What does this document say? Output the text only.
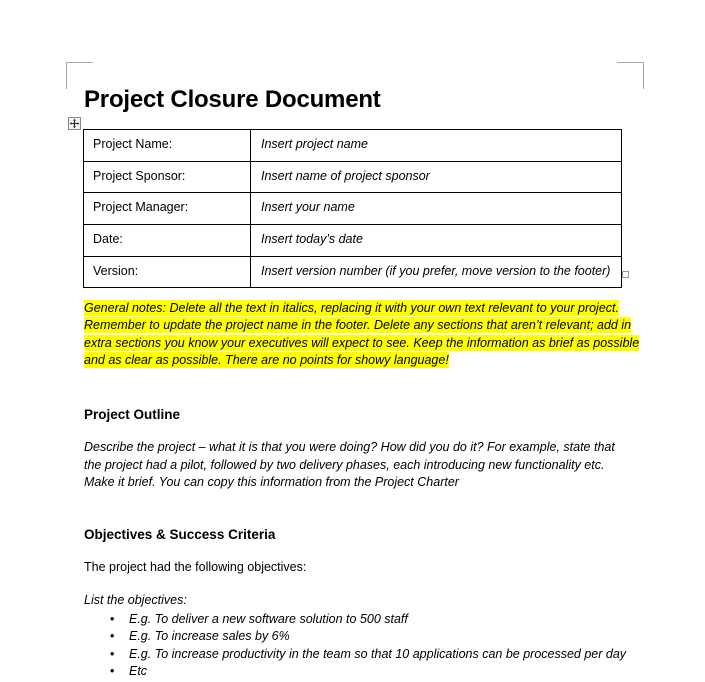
Project Closure Document
Project Name:	Insert project name
Project Sponsor:	Insert name of project sponsor
Project Manager:	Insert your name
Date:	Insert today’s date
Version:	Insert version number (if you prefer, move version to the footer)
General notes: Delete all the text in italics, replacing it with your own text relevant to your project.
Remember to update the project name in the footer. Delete any sections that aren’t relevant; add in
extra sections you know your executives will expect to see. Keep the information as brief as possible
and as clear as possible. There are no points for showy language!
Project Outline

Describe the project – what it is that you were doing? How did you do it? For example, state that the project had a pilot, followed by two delivery phases, each introducing new functionality etc. Make it brief. You can copy this information from the Project Charter

Objectives & Success Criteria

The project had the following objectives:

List the objectives:

• E.g. To deliver a new software solution to 500 staff
• E.g. To increase sales by 6%
• E.g. To increase productivity in the team so that 10 applications can be processed per day
• Etc
